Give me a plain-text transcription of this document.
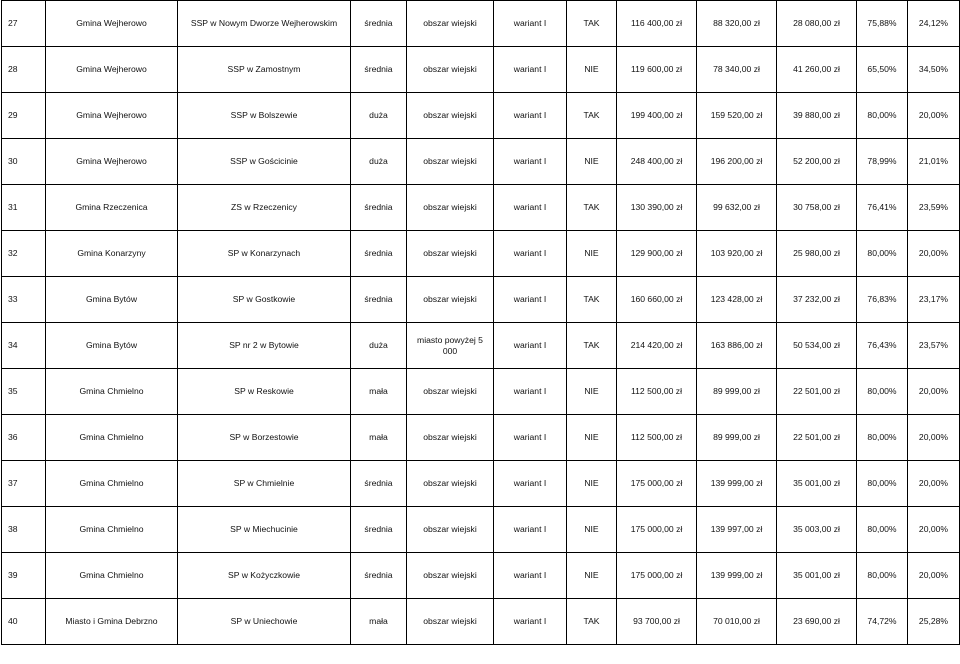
27	Gmina Wejherowo	SSP w Nowym Dworze Wejherowskim	średnia	obszar wiejski	wariant I	TAK	116 400,00 zł	88 320,00 zł	28 080,00 zł	75,88%	24,12%
28	Gmina Wejherowo	SSP w Zamostnym	średnia	obszar wiejski	wariant I	NIE	119 600,00 zł	78 340,00 zł	41 260,00 zł	65,50%	34,50%
29	Gmina Wejherowo	SSP w Bolszewie	duża	obszar wiejski	wariant I	TAK	199 400,00 zł	159 520,00 zł	39 880,00 zł	80,00%	20,00%
30	Gmina Wejherowo	SSP w Gościcinie	duża	obszar wiejski	wariant I	NIE	248 400,00 zł	196 200,00 zł	52 200,00 zł	78,99%	21,01%
31	Gmina Rzeczenica	ZS w Rzeczenicy	średnia	obszar wiejski	wariant I	TAK	130 390,00 zł	99 632,00 zł	30 758,00 zł	76,41%	23,59%
32	Gmina Konarzyny	SP w Konarzynach	średnia	obszar wiejski	wariant I	NIE	129 900,00 zł	103 920,00 zł	25 980,00 zł	80,00%	20,00%
33	Gmina Bytów	SP w Gostkowie	średnia	obszar wiejski	wariant I	TAK	160 660,00 zł	123 428,00 zł	37 232,00 zł	76,83%	23,17%
34	Gmina Bytów	SP nr 2 w Bytowie	duża	miasto powyżej 5 000	wariant I	TAK	214 420,00 zł	163 886,00 zł	50 534,00 zł	76,43%	23,57%
35	Gmina Chmielno	SP w Reskowie	mała	obszar wiejski	wariant I	NIE	112 500,00 zł	89 999,00 zł	22 501,00 zł	80,00%	20,00%
36	Gmina Chmielno	SP w Borzestowie	mała	obszar wiejski	wariant I	NIE	112 500,00 zł	89 999,00 zł	22 501,00 zł	80,00%	20,00%
37	Gmina Chmielno	SP w Chmielnie	średnia	obszar wiejski	wariant I	NIE	175 000,00 zł	139 999,00 zł	35 001,00 zł	80,00%	20,00%
38	Gmina Chmielno	SP w Miechucinie	średnia	obszar wiejski	wariant I	NIE	175 000,00 zł	139 997,00 zł	35 003,00 zł	80,00%	20,00%
39	Gmina Chmielno	SP w Kożyczkowie	średnia	obszar wiejski	wariant I	NIE	175 000,00 zł	139 999,00 zł	35 001,00 zł	80,00%	20,00%
40	Miasto i Gmina Debrzno	SP w Uniechowie	mała	obszar wiejski	wariant I	TAK	93 700,00 zł	70 010,00 zł	23 690,00 zł	74,72%	25,28%
